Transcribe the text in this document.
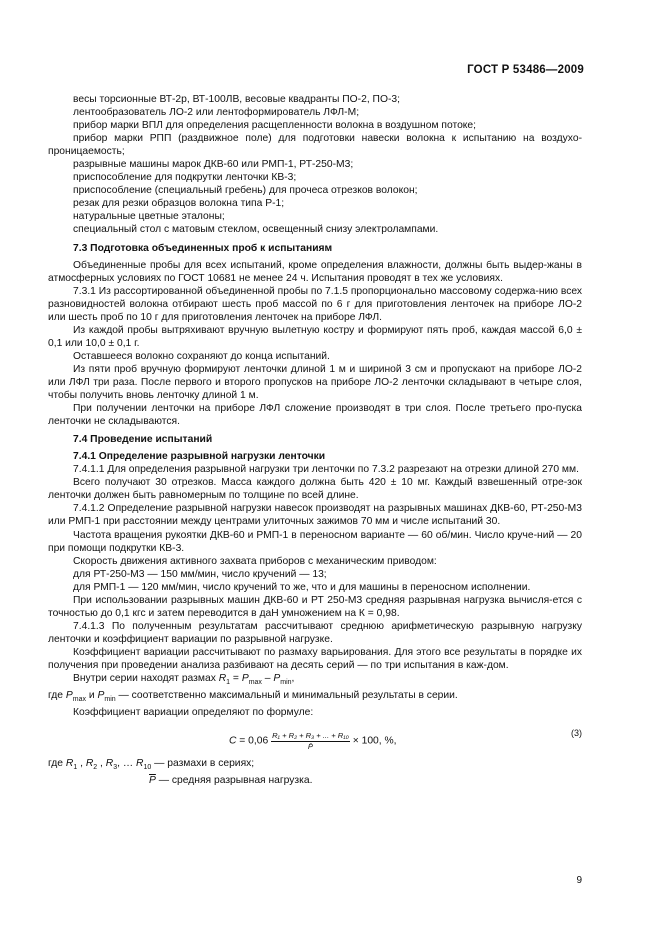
ГОСТ Р 53486—2009

весы торсионные ВТ-2р, ВТ-100ЛВ, весовые квадранты ПО-2, ПО-3;

лентообразователь ЛО-2 или лентоформирователь ЛФЛ-М;

прибор марки ВПЛ для определения расщепленности волокна в воздушном потоке;

прибор марки РПП (раздвижное поле) для подготовки навески волокна к испытанию на воздухо-проницаемость;

разрывные машины марок ДКВ-60 или РМП-1, РТ-250-М3;

приспособление для подкрутки ленточки КВ-3;

приспособление (специальный гребень) для прочеса отрезков волокон;

резак для резки образцов волокна типа Р-1;

натуральные цветные эталоны;

специальный стол с матовым стеклом, освещенный снизу электролампами.

7.3 Подготовка объединенных проб к испытаниям

Объединенные пробы для всех испытаний, кроме определения влажности, должны быть выдер-жаны в атмосферных условиях по ГОСТ 10681 не менее 24 ч. Испытания проводят в тех же условиях.

7.3.1 Из рассортированной объединенной пробы по 7.1.5 пропорционально массовому содержа-нию всех разновидностей волокна отбирают шесть проб массой по 6 г для приготовления ленточек на приборе ЛО-2 или шесть проб по 10 г для приготовления ленточек на приборе ЛФЛ.

Из каждой пробы вытряхивают вручную вылетную костру и формируют пять проб, каждая массой 6,0 ± 0,1 или 10,0 ± 0,1 г.

Оставшееся волокно сохраняют до конца испытаний.

Из пяти проб вручную формируют ленточки длиной 1 м и шириной 3 см и пропускают на приборе ЛО-2 или ЛФЛ три раза. После первого и второго пропусков на приборе ЛО-2 ленточки складывают в четыре слоя, чтобы получить вновь ленточку длиной 1 м.

При получении ленточки на приборе ЛФЛ сложение производят в три слоя. После третьего про-пуска ленточки не складываются.

7.4 Проведение испытаний

7.4.1 Определение разрывной нагрузки ленточки

7.4.1.1 Для определения разрывной нагрузки три ленточки по 7.3.2 разрезают на отрезки длиной 270 мм.

Всего получают 30 отрезков. Масса каждого должна быть 420 ± 10 мг. Каждый взвешенный отре-зок ленточки должен быть равномерным по толщине по всей длине.

7.4.1.2 Определение разрывной нагрузки навесок производят на разрывных машинах ДКВ-60, РТ-250-М3 или РМП-1 при расстоянии между центрами улиточных зажимов 70 мм и числе испытаний 30.

Частота вращения рукоятки ДКВ-60 и РМП-1 в переносном варианте — 60 об/мин. Число круче-ний — 20 при помощи подкрутки КВ-3.

Скорость движения активного захвата приборов с механическим приводом:

для РТ-250-М3 — 150 мм/мин, число кручений — 13;

для РМП-1 — 120 мм/мин, число кручений то же, что и для машины в переносном исполнении.

При использовании разрывных машин ДКВ-60 и РТ 250-М3 средняя разрывная нагрузка вычисля-ется с точностью до 0,1 кгс и затем переводится в даН умножением на К = 0,98.

7.4.1.3 По полученным результатам рассчитывают среднюю арифметическую разрывную нагрузку ленточки и коэффициент вариации по разрывной нагрузке.

Коэффициент вариации рассчитывают по размаху варьирования. Для этого все результаты в порядке их получения при проведении анализа разбивают на десять серий — по три испытания в каж-дом.

Внутри серии находят размах $R_1 = P_{max} - P_{min}$,

где $P_{max}$ и $P_{min}$ — соответственно максимальный и минимальный результаты в серии.

Коэффициент вариации определяют по формуле:

$C = 0,06 \frac{\text{R₁ + R₂ + R₃ + ... + R₁₀}}{P̄} \times 100$, %,
(3)

где $R_1$ , $R_2$ , $R_3$, … $R_{10}$ — размахи в сериях;

$\overline{P}$ — средняя разрывная нагрузка.

9
